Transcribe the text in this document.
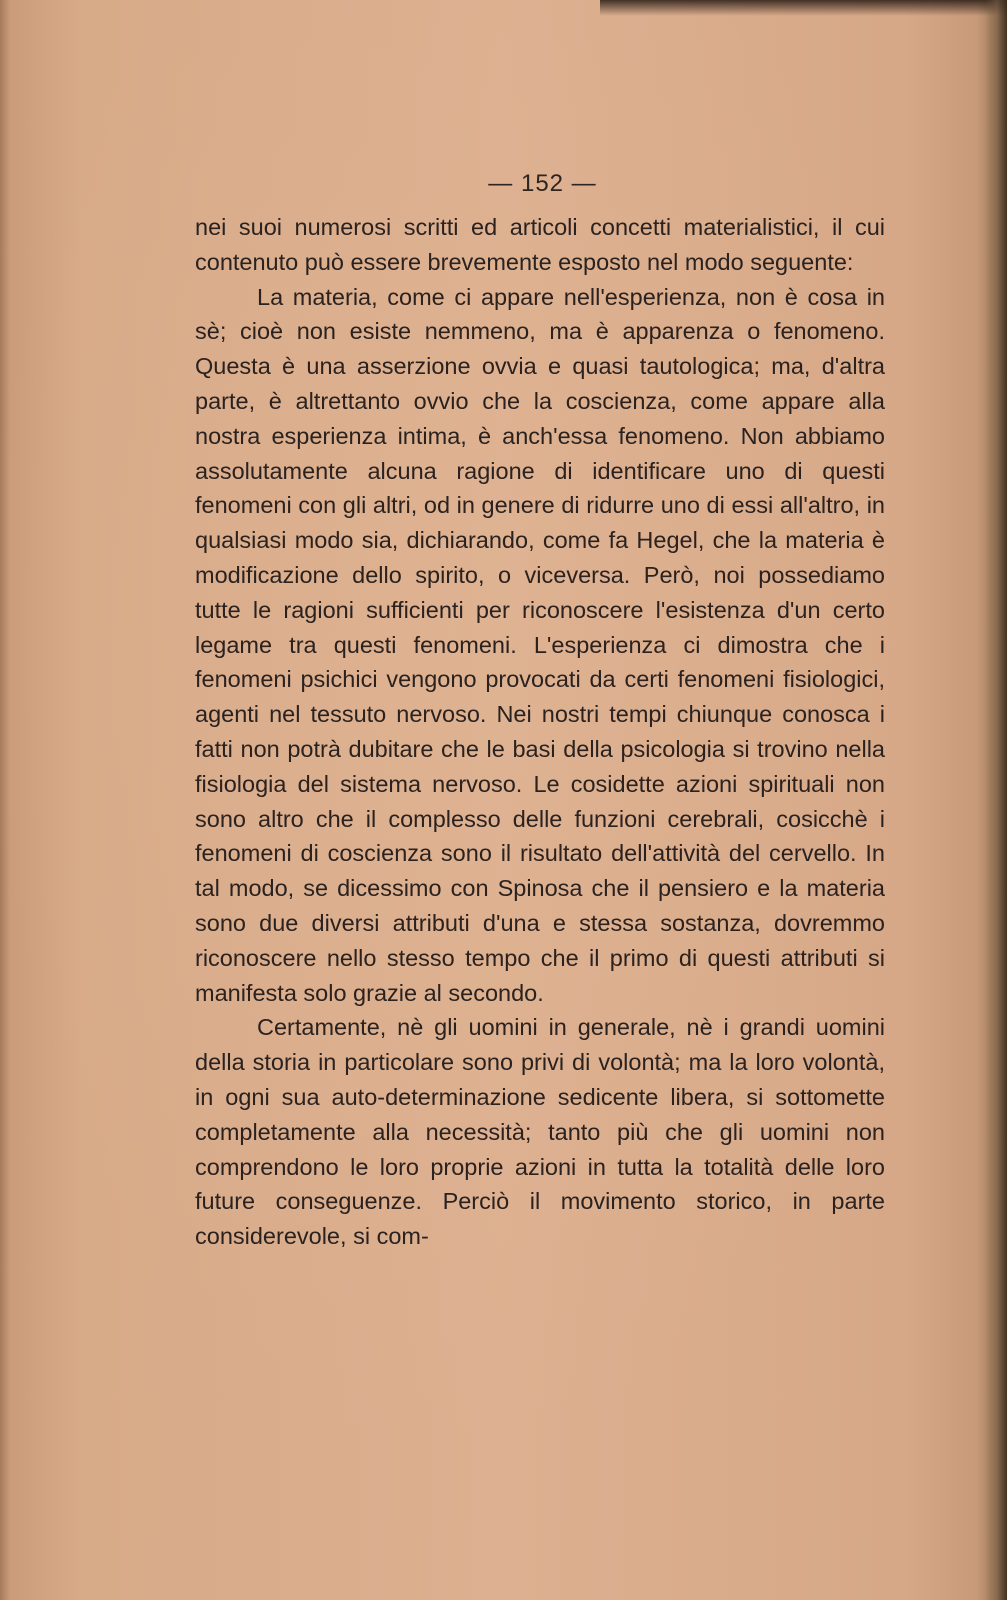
— 152 —

nei suoi numerosi scritti ed articoli concetti materialistici, il cui contenuto può essere brevemente esposto nel modo seguente:

La materia, come ci appare nell'esperienza, non è cosa in sè; cioè non esiste nemmeno, ma è apparenza o fenomeno. Questa è una asserzione ovvia e quasi tautologica; ma, d'altra parte, è altrettanto ovvio che la coscienza, come appare alla nostra esperienza intima, è anch'essa fenomeno. Non abbiamo assolutamente alcuna ragione di identificare uno di questi fenomeni con gli altri, od in genere di ridurre uno di essi all'altro, in qualsiasi modo sia, dichiarando, come fa Hegel, che la materia è modificazione dello spirito, o viceversa. Però, noi possediamo tutte le ragioni sufficienti per riconoscere l'esistenza d'un certo legame tra questi fenomeni. L'esperienza ci dimostra che i fenomeni psichici vengono provocati da certi fenomeni fisiologici, agenti nel tessuto nervoso. Nei nostri tempi chiunque conosca i fatti non potrà dubitare che le basi della psicologia si trovino nella fisiologia del sistema nervoso. Le cosidette azioni spirituali non sono altro che il complesso delle funzioni cerebrali, cosicchè i fenomeni di coscienza sono il risultato dell'attività del cervello. In tal modo, se dicessimo con Spinosa che il pensiero e la materia sono due diversi attributi d'una e stessa sostanza, dovremmo riconoscere nello stesso tempo che il primo di questi attributi si manifesta solo grazie al secondo.

Certamente, nè gli uomini in generale, nè i grandi uomini della storia in particolare sono privi di volontà; ma la loro volontà, in ogni sua auto-determinazione sedicente libera, si sottomette completamente alla necessità; tanto più che gli uomini non comprendono le loro proprie azioni in tutta la totalità delle loro future conseguenze. Perciò il movimento storico, in parte considerevole, si com-
